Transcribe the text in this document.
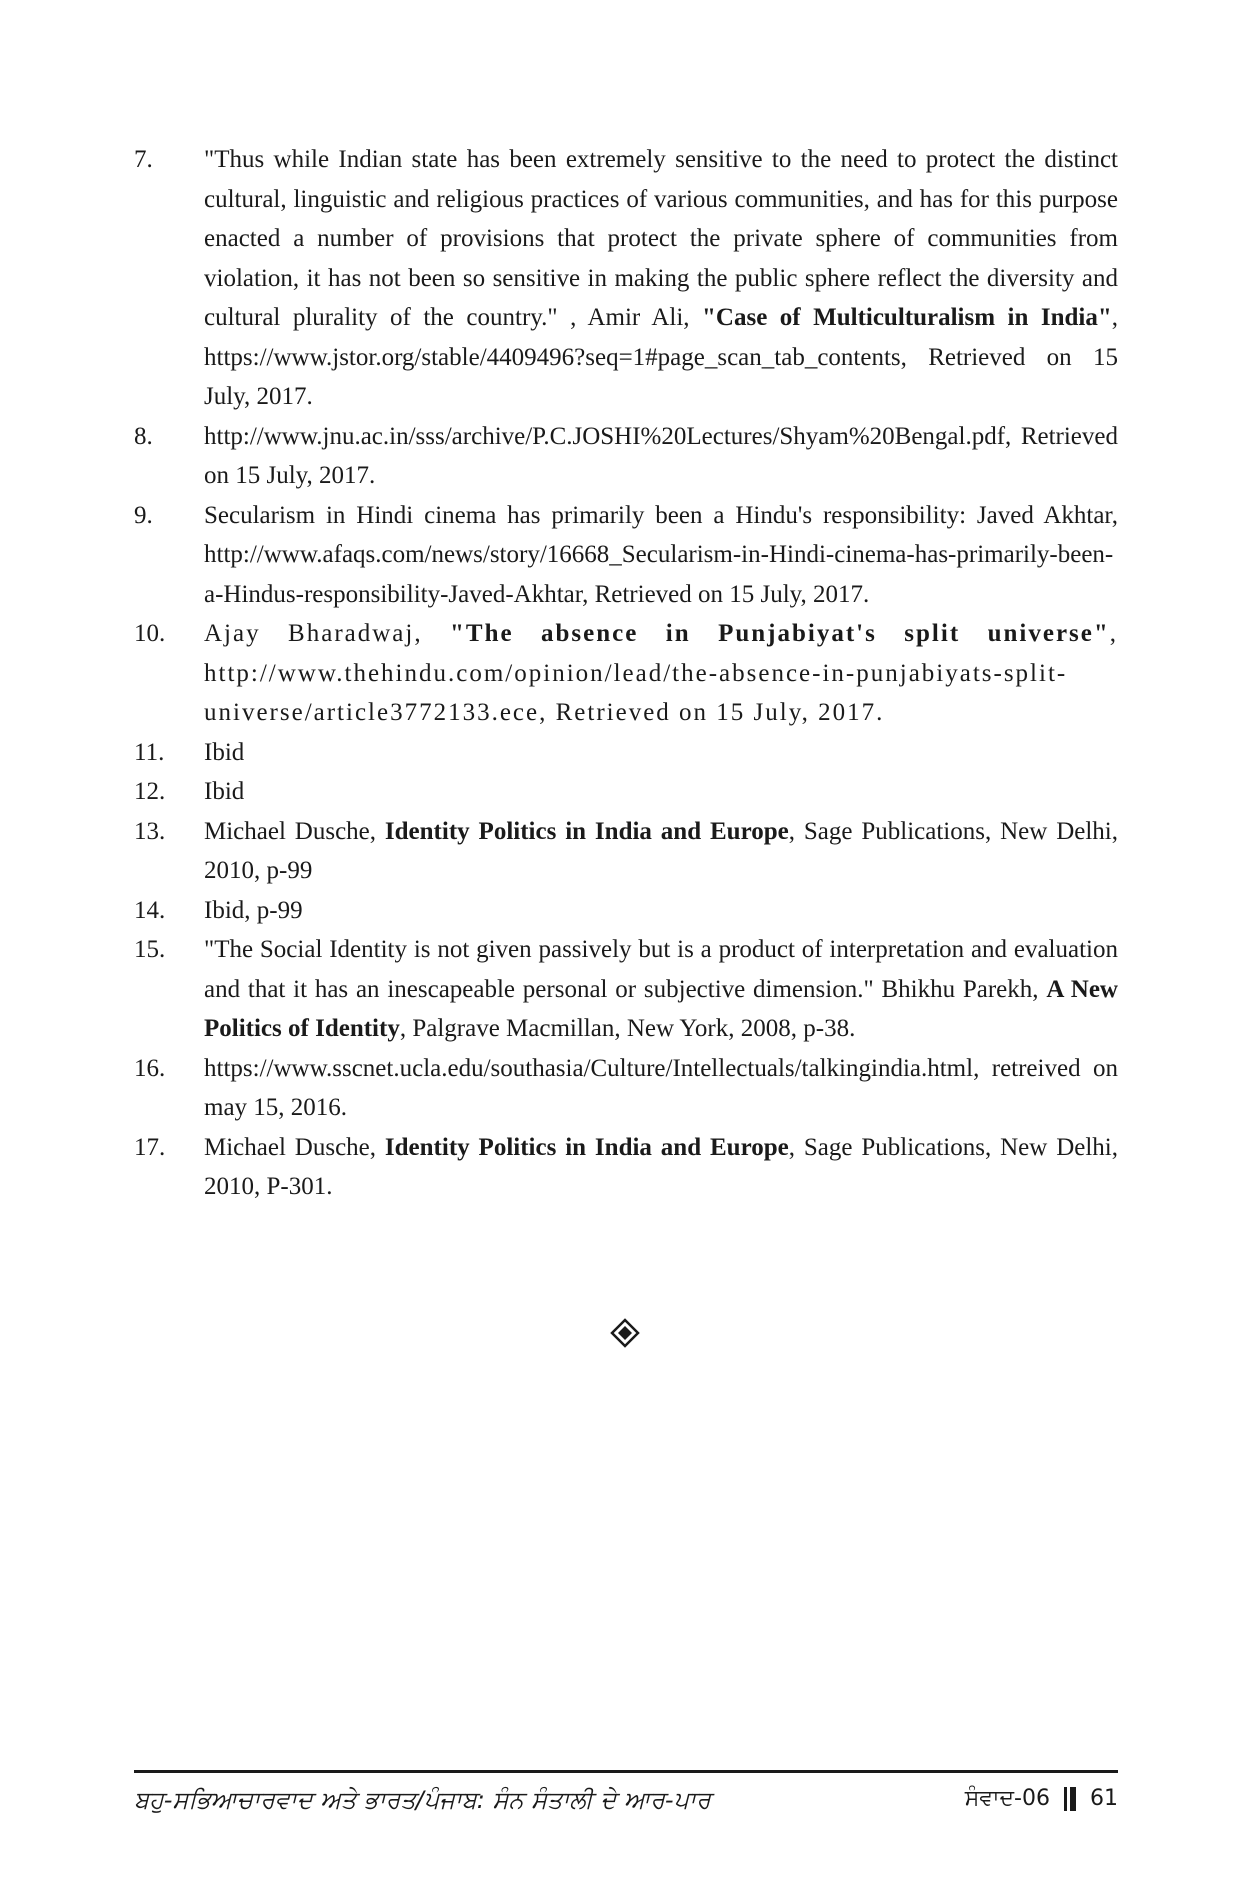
7.	"Thus while Indian state has been extremely sensitive to the need to protect the distinct cultural, linguistic and religious practices of various communities, and has for this purpose enacted a number of provisions that protect the private sphere of communities from violation, it has not been so sensitive in making the public sphere reflect the diversity and cultural plurality of the country." , Amir Ali, "Case of Multiculturalism in India", https://www.jstor.org/stable/4409496?seq=1#page_scan_tab_contents, Retrieved on 15 July, 2017.
8.	http://www.jnu.ac.in/sss/archive/P.C.JOSHI%20Lectures/Shyam%20Bengal.pdf, Retrieved on 15 July, 2017.
9.	Secularism in Hindi cinema has primarily been a Hindu's responsibility: Javed Akhtar, http://www.afaqs.com/news/story/16668_Secularism-in-Hindi-cinema-has-primarily-been-a-Hindus-responsibility-Javed-Akhtar, Retrieved on 15 July, 2017.
10.	Ajay Bharadwaj, "The absence in Punjabiyat's split universe", http://www.thehindu.com/opinion/lead/the-absence-in-punjabiyats-split-universe/article3772133.ece, Retrieved on 15 July, 2017.
11.	Ibid
12.	Ibid
13.	Michael Dusche, Identity Politics in India and Europe, Sage Publications, New Delhi, 2010, p-99
14.	Ibid, p-99
15.	"The Social Identity is not given passively but is a product of interpretation and evaluation and that it has an inescapeable personal or subjective dimension." Bhikhu Parekh, A New Politics of Identity, Palgrave Macmillan, New York, 2008, p-38.
16.	https://www.sscnet.ucla.edu/southasia/Culture/Intellectuals/talkingindia.html, retreived on may 15, 2016.
17.	Michael Dusche, Identity Politics in India and Europe, Sage Publications, New Delhi, 2010, P-301.
ਬਹੁ-ਸਭਿਆਚਾਰਵਾਦ ਅਤੇ ਭਾਰਤ/ਪੰਜਾਬ: ਸੰਨ ਸੰਤਾਲੀ ਦੇ ਆਰ-ਪਾਰ	ਸੰਵਾਦ-06 61
